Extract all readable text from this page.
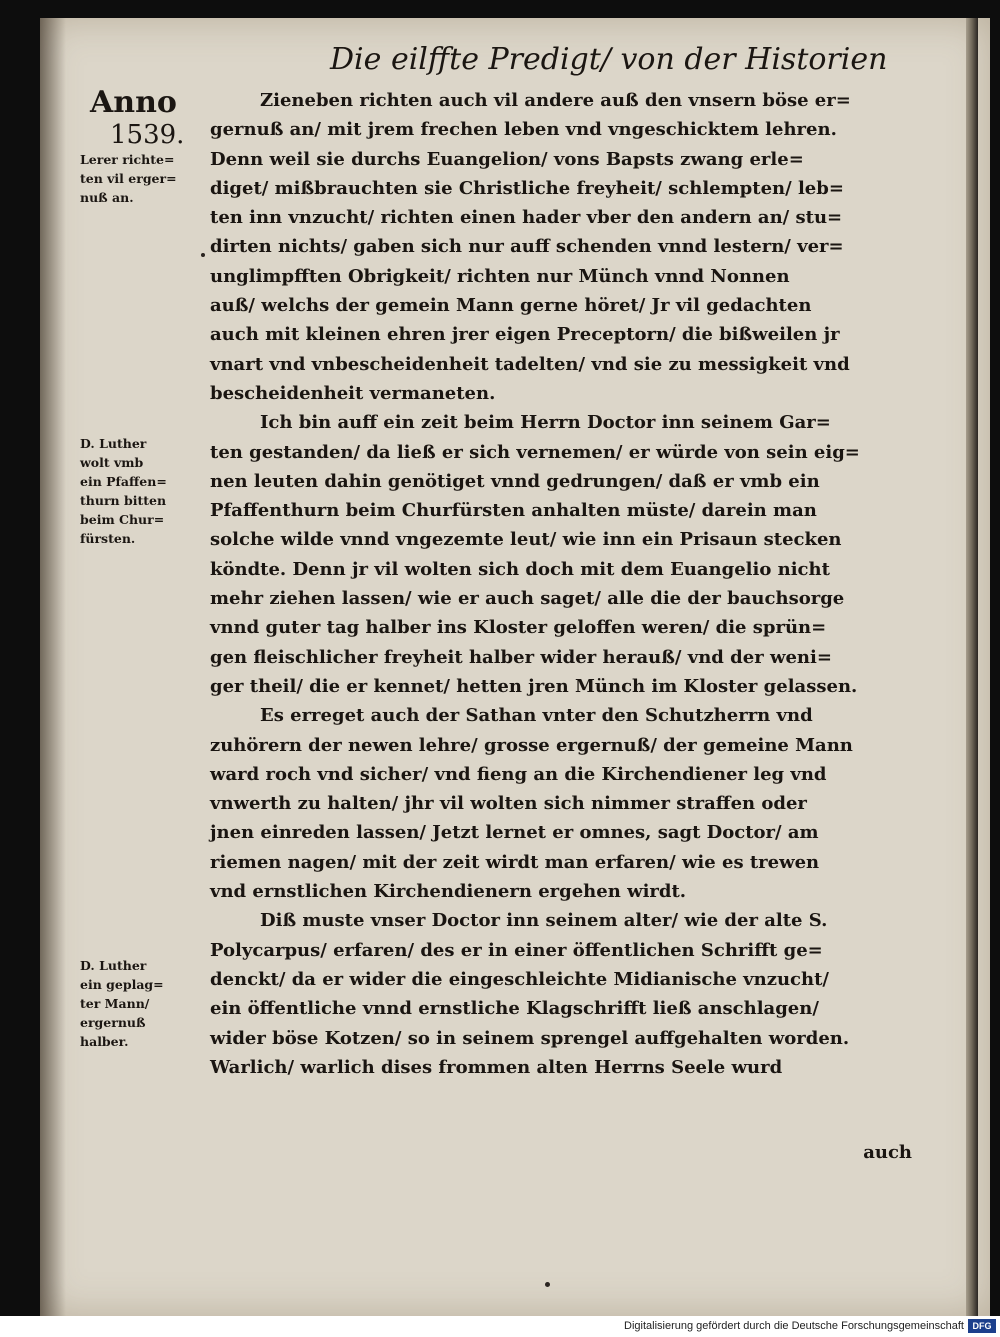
Die eilffte Predigt/ von der Historien
Anno
1539.
Lerer richte=
ten vil erger=
nuß an.
D. Luther
wolt vmb
ein Pfaffen=
thurn bitten
beim Chur=
fürsten.
D. Luther
ein geplag=
ter Mann/
ergernuß
halber.
Zieneben richten auch vil andere auß den vnsern böse er=
gernuß an/ mit jrem frechen leben vnd vngeschicktem lehren.
Denn weil sie durchs Euangelion/ vons Bapsts zwang erle=
diget/ mißbrauchten sie Christliche freyheit/ schlempten/ leb=
ten inn vnzucht/ richten einen hader vber den andern an/ stu=
dirten nichts/ gaben sich nur auff schenden vnnd lestern/ ver=
unglimpfften Obrigkeit/ richten nur Münch vnnd Nonnen
auß/ welchs der gemein Mann gerne höret/ Jr vil gedachten
auch mit kleinen ehren jrer eigen Preceptorn/ die bißweilen jr
vnart vnd vnbescheidenheit tadelten/ vnd sie zu messigkeit vnd
bescheidenheit vermaneten.
Ich bin auff ein zeit beim Herrn Doctor inn seinem Gar=
ten gestanden/ da ließ er sich vernemen/ er würde von sein eig=
nen leuten dahin genötiget vnnd gedrungen/ daß er vmb ein
Pfaffenthurn beim Churfürsten anhalten müste/ darein man
solche wilde vnnd vngezemte leut/ wie inn ein Prisaun stecken
köndte. Denn jr vil wolten sich doch mit dem Euangelio nicht
mehr ziehen lassen/ wie er auch saget/ alle die der bauchsorge
vnnd guter tag halber ins Kloster geloffen weren/ die sprün=
gen fleischlicher freyheit halber wider herauß/ vnd der weni=
ger theil/ die er kennet/ hetten jren Münch im Kloster gelassen.
Es erreget auch der Sathan vnter den Schutzherrn vnd
zuhörern der newen lehre/ grosse ergernuß/ der gemeine Mann
ward roch vnd sicher/ vnd fieng an die Kirchendiener leg vnd
vnwerth zu halten/ jhr vil wolten sich nimmer straffen oder
jnen einreden lassen/ Jetzt lernet er omnes, sagt Doctor/ am
riemen nagen/ mit der zeit wirdt man erfaren/ wie es trewen
vnd ernstlichen Kirchendienern ergehen wirdt.
Diß muste vnser Doctor inn seinem alter/ wie der alte S.
Polycarpus/ erfaren/ des er in einer öffentlichen Schrifft ge=
denckt/ da er wider die eingeschleichte Midianische vnzucht/
ein öffentliche vnnd ernstliche Klagschrifft ließ anschlagen/
wider böse Kotzen/ so in seinem sprengel auffgehalten worden.
Warlich/ warlich dises frommen alten Herrns Seele wurd
auch
Digitalisierung gefördert durch die Deutsche Forschungsgemeinschaft DFG
